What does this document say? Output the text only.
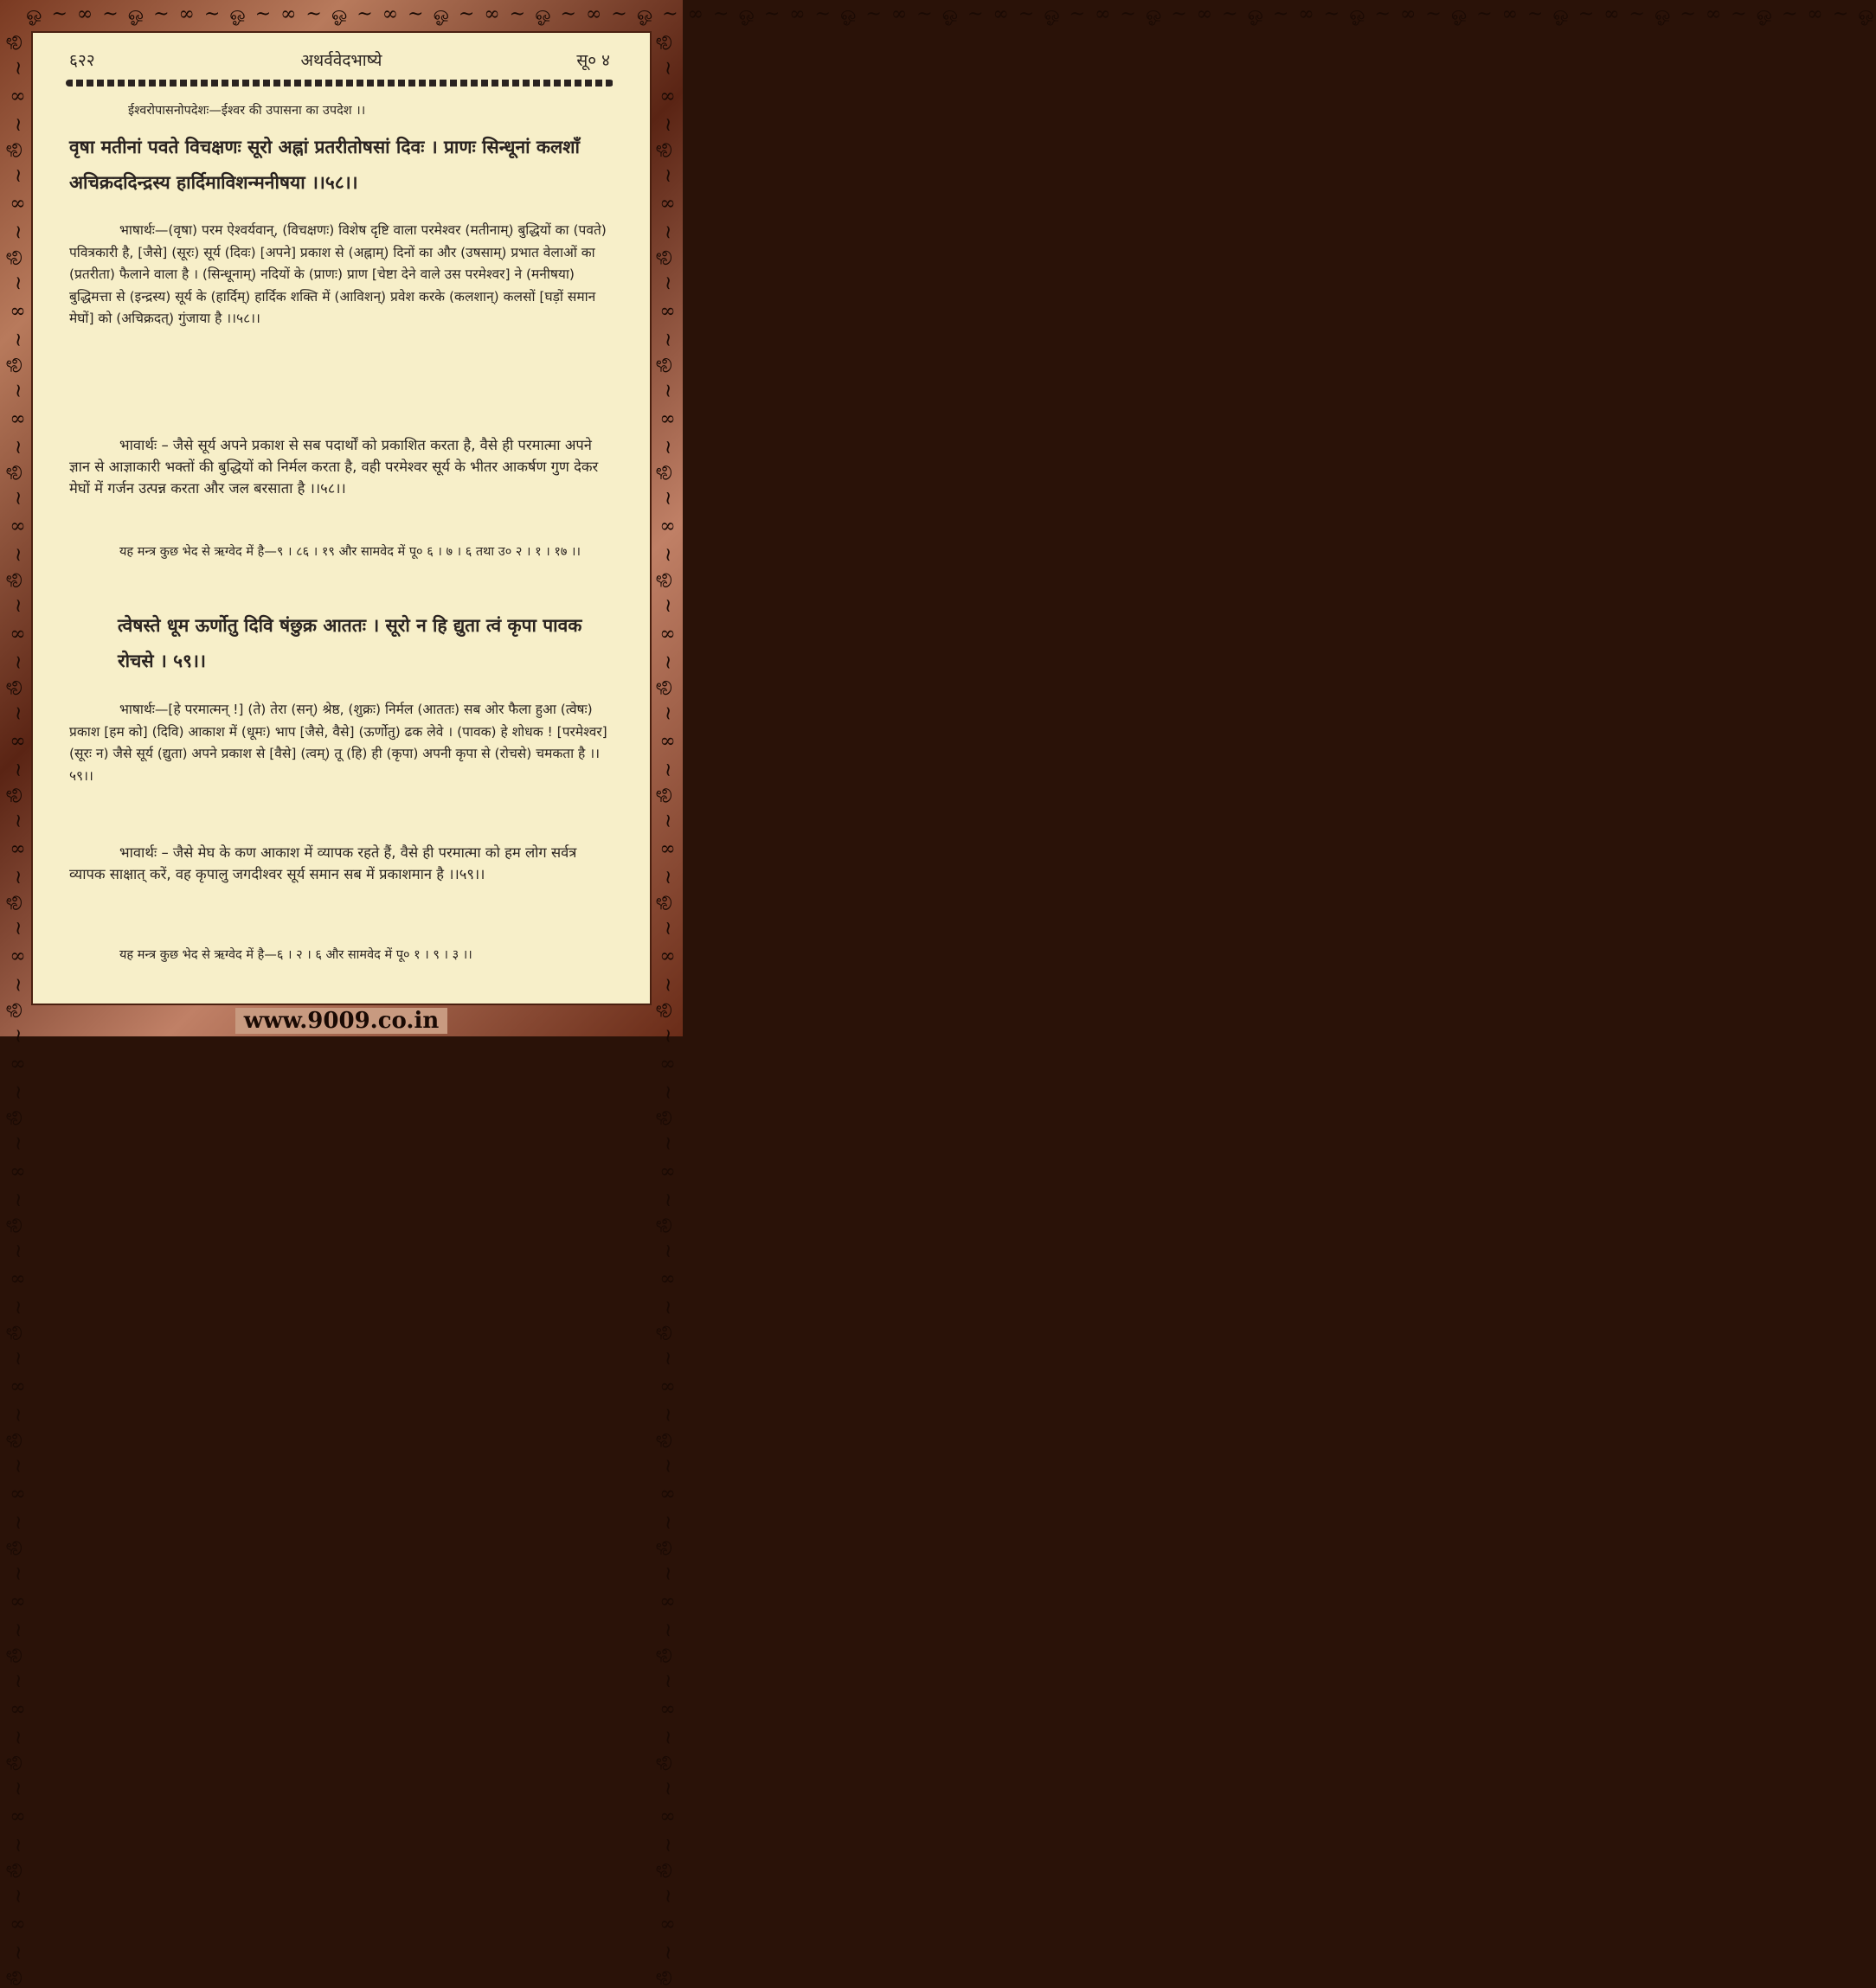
ஓ ~ ∞ ~ ஓ ~ ∞ ~ ஓ ~ ∞ ~ ஓ ~ ∞ ~ ஓ ~ ∞ ~ ஓ ~ ∞ ~ ஓ ~ ∞ ~ ஓ ~ ∞ ~ ஓ ~ ∞ ~ ஓ ~ ∞ ~ ஓ ~ ∞ ~ ஓ ~ ∞ ~ ஓ ~ ∞ ~ ஓ ~ ∞ ~ ஓ ~ ∞ ~ ஓ ~ ∞ ~ ஓ ~ ∞ ~ ஓ ~ ∞ ~ ஓ
ஓ ~ ∞ ~ ஓ ~ ∞ ~ ஓ ~ ∞ ~ ஓ ~ ∞ ~ ஓ ~ ∞ ~ ஓ ~ ∞ ~ ஓ ~ ∞ ~ ஓ ~ ∞ ~ ஓ ~ ∞ ~ ஓ ~ ∞ ~ ஓ ~ ∞ ~ ஓ ~ ∞ ~ ஓ ~ ∞ ~ ஓ ~ ∞ ~ ஓ ~ ∞ ~ ஓ ~ ∞ ~ ஓ ~ ∞ ~ ஓ ~ ∞ ~ ஓ	ஓ ~ ∞ ~ ஓ ~ ∞ ~ ஓ ~ ∞ ~ ஓ ~ ∞ ~ ஓ ~ ∞ ~ ஓ ~ ∞ ~ ஓ ~ ∞ ~ ஓ ~ ∞ ~ ஓ ~ ∞ ~ ஓ ~ ∞ ~ ஓ ~ ∞ ~ ஓ ~ ∞ ~ ஓ ~ ∞ ~ ஓ ~ ∞ ~ ஓ ~ ∞ ~ ஓ ~ ∞ ~ ஓ ~ ∞ ~ ஓ ~ ∞ ~ ஓ
६२२	अथर्ववेदभाष्ये	सू० ४

ईश्वरोपासनोपदेशः—ईश्वर की उपासना का उपदेश ।।

वृषा मतीनां पवते विचक्षणः सूरो अह्नां प्रतरीतोषसां दिवः । प्राणः सिन्धूनां कलशाँ अचिक्रददिन्द्रस्य हार्दिमाविशन्मनीषया ।।५८।।

भाषार्थः—(वृषा) परम ऐश्वर्यवान्, (विचक्षणः) विशेष दृष्टि वाला परमेश्वर (मतीनाम्) बुद्धियों का (पवते) पवित्रकारी है, [जैसे] (सूरः) सूर्य (दिवः) [अपने] प्रकाश से (अह्नाम्) दिनों का और (उषसाम्) प्रभात वेलाओं का (प्रतरीता) फैलाने वाला है । (सिन्धूनाम्) नदियों के (प्राणः) प्राण [चेष्टा देने वाले उस परमेश्वर] ने (मनीषया) बुद्धिमत्ता से (इन्द्रस्य) सूर्य के (हार्दिम्) हार्दिक शक्ति में (आविशन्) प्रवेश करके (कलशान्) कलसों [घड़ों समान मेघों] को (अचिक्रदत्) गुंजाया है ।।५८।।

भावार्थः – जैसे सूर्य अपने प्रकाश से सब पदार्थों को प्रकाशित करता है, वैसे ही परमात्मा अपने ज्ञान से आज्ञाकारी भक्तों की बुद्धियों को निर्मल करता है, वही परमेश्वर सूर्य के भीतर आकर्षण गुण देकर मेघों में गर्जन उत्पन्न करता और जल बरसाता है ।।५८।।

यह मन्त्र कुछ भेद से ऋग्वेद में है—९ । ८६ । १९ और सामवेद में पू० ६ । ७ । ६ तथा उ० २ । १ । १७ ।।

त्वेषस्ते धूम ऊर्णोतु दिवि षंछुक्र आततः । सूरो न हि द्युता त्वं कृपा पावक रोचसे । ५९।।

भाषार्थः—[हे परमात्मन् !] (ते) तेरा (सन्) श्रेष्ठ, (शुक्रः) निर्मल (आततः) सब ओर फैला हुआ (त्वेषः) प्रकाश [हम को] (दिवि) आकाश में (धूमः) भाप [जैसे, वैसे] (ऊर्णोतु) ढक लेवे । (पावक) हे शोधक ! [परमेश्वर] (सूरः न) जैसे सूर्य (द्युता) अपने प्रकाश से [वैसे] (त्वम्) तू (हि) ही (कृपा) अपनी कृपा से (रोचसे) चमकता है ।।५९।।

भावार्थः – जैसे मेघ के कण आकाश में व्यापक रहते हैं, वैसे ही परमात्मा को हम लोग सर्वत्र व्यापक साक्षात् करें, वह कृपालु जगदीश्वर सूर्य समान सब में प्रकाशमान है ।।५९।।

यह मन्त्र कुछ भेद से ऋग्वेद में है—६ । २ । ६ और सामवेद में पू० १ । ९ । ३ ।।

www.9009.co.in
